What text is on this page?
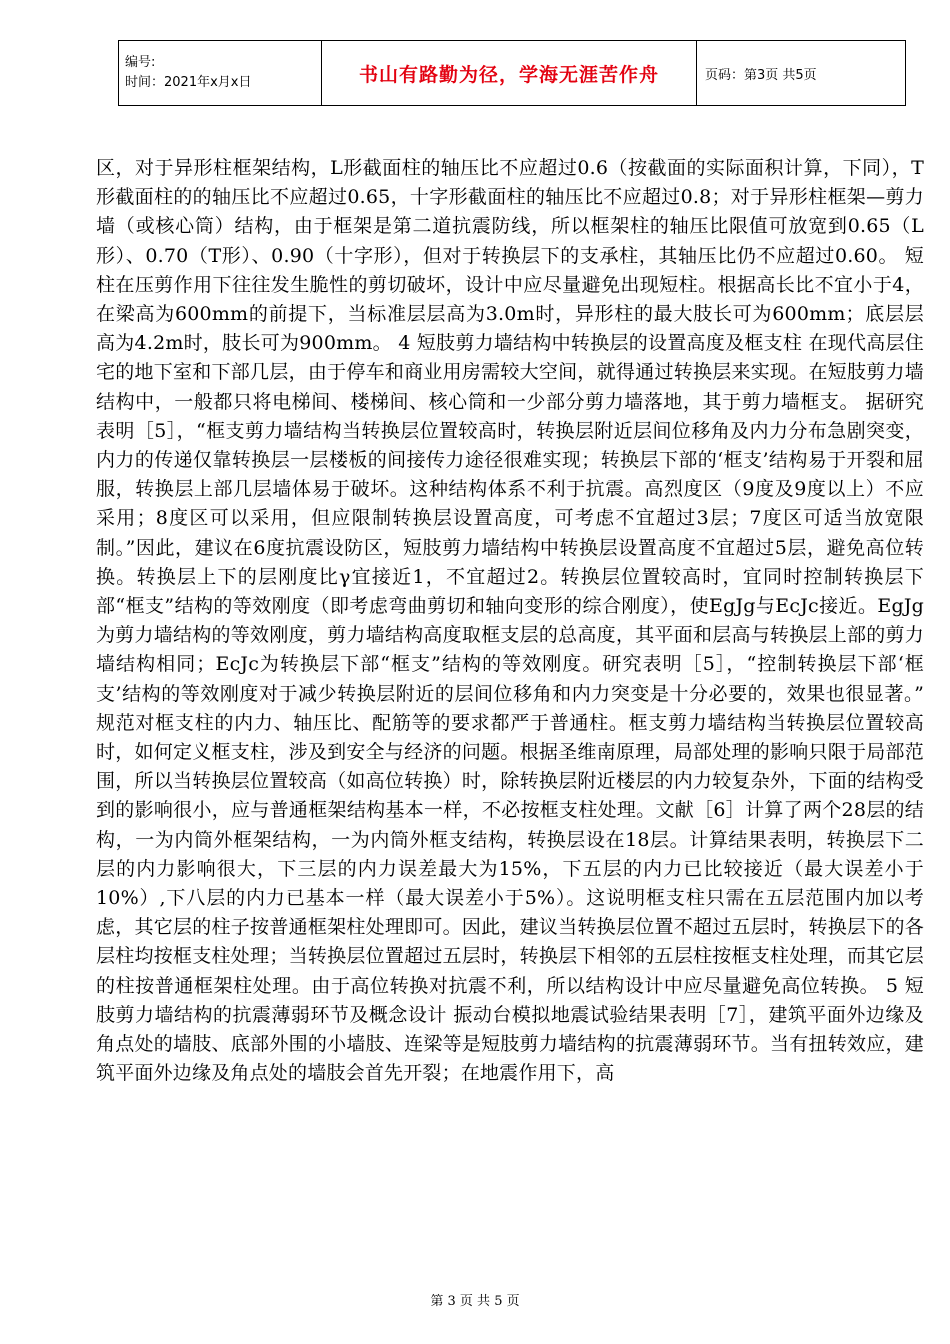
编号:
时间：2021年x月x日	书山有路勤为径，学海无涯苦作舟	页码：第3页 共5页

区，对于异形柱框架结构，L形截面柱的轴压比不应超过0.6（按截面的实际面积计算，下同），T形截面柱的的轴压比不应超过0.65，十字形截面柱的轴压比不应超过0.8；对于异形柱框架—剪力墙（或核心筒）结构，由于框架是第二道抗震防线，所以框架柱的轴压比限值可放宽到0.65（L形）、0.70（T形）、0.90（十字形），但对于转换层下的支承柱，其轴压比仍不应超过0.60。 短柱在压剪作用下往往发生脆性的剪切破坏，设计中应尽量避免出现短柱。根据高长比不宜小于4，在梁高为600mm的前提下，当标准层层高为3.0m时，异形柱的最大肢长可为600mm；底层层高为4.2m时，肢长可为900mm。 4 短肢剪力墙结构中转换层的设置高度及框支柱 在现代高层住宅的地下室和下部几层，由于停车和商业用房需较大空间，就得通过转换层来实现。在短肢剪力墙结构中，一般都只将电梯间、楼梯间、核心筒和一少部分剪力墙落地，其于剪力墙框支。 据研究表明［5］，“框支剪力墙结构当转换层位置较高时，转换层附近层间位移角及内力分布急剧突变，内力的传递仅靠转换层一层楼板的间接传力途径很难实现；转换层下部的‘框支’结构易于开裂和屈服，转换层上部几层墙体易于破坏。这种结构体系不利于抗震。高烈度区（9度及9度以上）不应采用；8度区可以采用，但应限制转换层设置高度，可考虑不宜超过3层；7度区可适当放宽限制。”因此，建议在6度抗震设防区，短肢剪力墙结构中转换层设置高度不宜超过5层，避免高位转换。转换层上下的层刚度比γ宜接近1，不宜超过2。转换层位置较高时，宜同时控制转换层下部“框支”结构的等效刚度（即考虑弯曲剪切和轴向变形的综合刚度），使EgJg与EcJc接近。EgJg为剪力墙结构的等效刚度，剪力墙结构高度取框支层的总高度，其平面和层高与转换层上部的剪力墙结构相同；EcJc为转换层下部“框支”结构的等效刚度。研究表明［5］，“控制转换层下部‘框支’结构的等效刚度对于减少转换层附近的层间位移角和内力突变是十分必要的，效果也很显著。” 规范对框支柱的内力、轴压比、配筋等的要求都严于普通柱。框支剪力墙结构当转换层位置较高时，如何定义框支柱，涉及到安全与经济的问题。根据圣维南原理，局部处理的影响只限于局部范围，所以当转换层位置较高（如高位转换）时，除转换层附近楼层的内力较复杂外，下面的结构受到的影响很小，应与普通框架结构基本一样，不必按框支柱处理。文献［6］计算了两个28层的结构，一为内筒外框架结构，一为内筒外框支结构，转换层设在18层。计算结果表明，转换层下二层的内力影响很大，下三层的内力误差最大为15%，下五层的内力已比较接近（最大误差小于10%）,下八层的内力已基本一样（最大误差小于5%）。这说明框支柱只需在五层范围内加以考虑，其它层的柱子按普通框架柱处理即可。因此，建议当转换层位置不超过五层时，转换层下的各层柱均按框支柱处理；当转换层位置超过五层时，转换层下相邻的五层柱按框支柱处理，而其它层的柱按普通框架柱处理。由于高位转换对抗震不利，所以结构设计中应尽量避免高位转换。 5 短肢剪力墙结构的抗震薄弱环节及概念设计 振动台模拟地震试验结果表明［7］，建筑平面外边缘及角点处的墙肢、底部外围的小墙肢、连梁等是短肢剪力墙结构的抗震薄弱环节。当有扭转效应，建筑平面外边缘及角点处的墙肢会首先开裂；在地震作用下，高

第 3 页 共 5 页
